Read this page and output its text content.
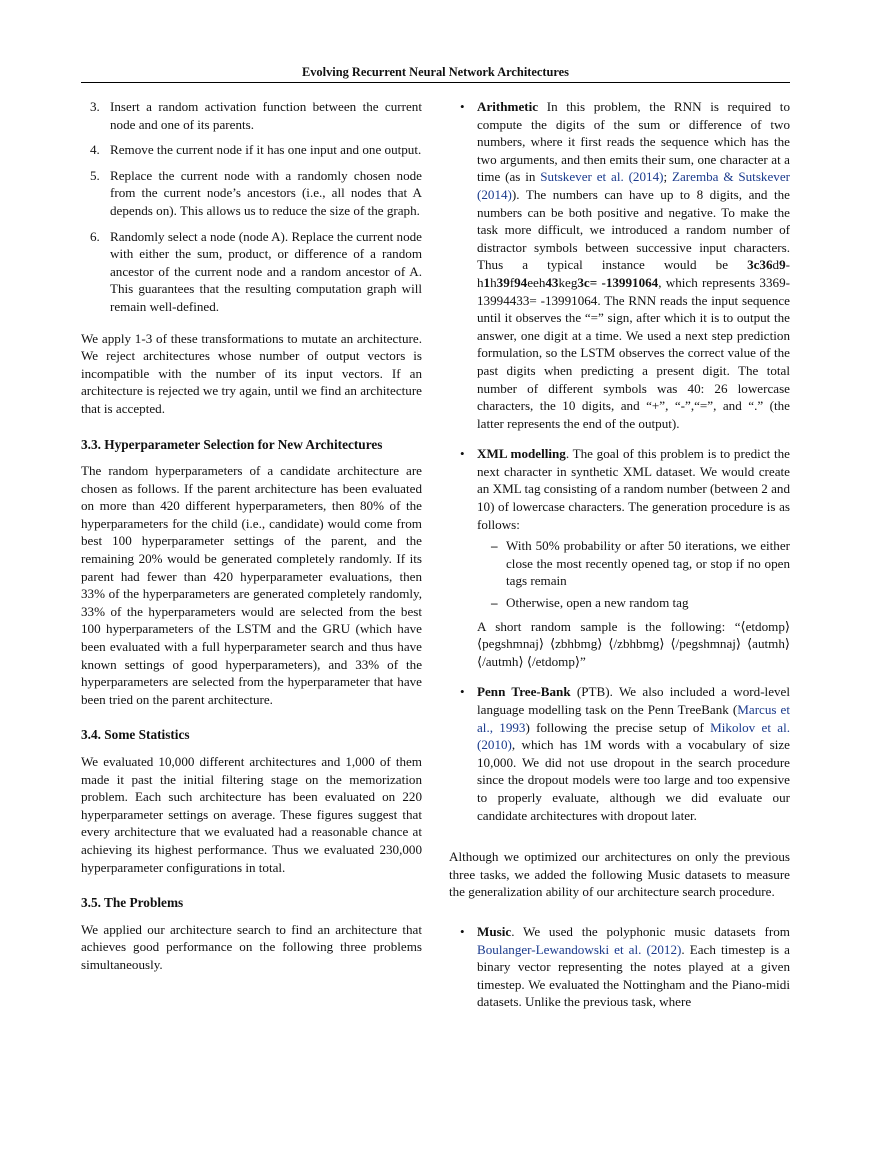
Evolving Recurrent Neural Network Architectures
3. Insert a random activation function between the current node and one of its parents.
4. Remove the current node if it has one input and one output.
5. Replace the current node with a randomly chosen node from the current node’s ancestors (i.e., all nodes that A depends on). This allows us to reduce the size of the graph.
6. Randomly select a node (node A). Replace the current node with either the sum, product, or difference of a random ancestor of the current node and a random ancestor of A. This guarantees that the resulting computation graph will remain well-defined.

We apply 1-3 of these transformations to mutate an architecture. We reject architectures whose number of output vectors is incompatible with the number of its input vectors. If an architecture is rejected we try again, until we find an architecture that is accepted.

3.3. Hyperparameter Selection for New Architectures

The random hyperparameters of a candidate architecture are chosen as follows. If the parent architecture has been evaluated on more than 420 different hyperparameters, then 80% of the hyperparameters for the child (i.e., candidate) would come from best 100 hyperparameter settings of the parent, and the remaining 20% would be generated completely randomly. If its parent had fewer than 420 hyperparameter evaluations, then 33% of the hyperparameters are generated completely randomly, 33% of the hyperparameters would are selected from the best 100 hyperparameters of the LSTM and the GRU (which have been evaluated with a full hyperparameter search and thus have known settings of good hyperparameters), and 33% of the hyperparameters are selected from the hyperparameter that have been tried on the parent architecture.

3.4. Some Statistics

We evaluated 10,000 different architectures and 1,000 of them made it past the initial filtering stage on the memorization problem. Each such architecture has been evaluated on 220 hyperparameter settings on average. These figures suggest that every architecture that we evaluated had a reasonable chance at achieving its highest performance. Thus we evaluated 230,000 hyperparameter configurations in total.

3.5. The Problems

We applied our architecture search to find an architecture that achieves good performance on the following three problems simultaneously.

• Arithmetic In this problem, the RNN is required to compute the digits of the sum or difference of two numbers, where it first reads the sequence which has the two arguments, and then emits their sum, one character at a time (as in Sutskever et al. (2014); Zaremba & Sutskever (2014)). The numbers can have up to 8 digits, and the numbers can be both positive and negative. To make the task more difficult, we introduced a random number of distractor symbols between successive input characters. Thus a typical instance would be 3c36d9-h1h39f94eeh43keg3c= -13991064, which represents 3369-13994433= -13991064. The RNN reads the input sequence until it observes the “=” sign, after which it is to output the answer, one digit at a time. We used a next step prediction formulation, so the LSTM observes the correct value of the past digits when predicting a present digit. The total number of different symbols was 40: 26 lowercase characters, the 10 digits, and “+”, “-”,“=”, and “.” (the latter represents the end of the output).
• XML modelling. The goal of this problem is to predict the next character in synthetic XML dataset. We would create an XML tag consisting of a random number (between 2 and 10) of lowercase characters. The generation procedure is as follows:
– With 50% probability or after 50 iterations, we either close the most recently opened tag, or stop if no open tags remain
– Otherwise, open a new random tag

A short random sample is the following: “⟨etdomp⟩ ⟨pegshmnaj⟩ ⟨zbhbmg⟩ ⟨/zbhbmg⟩ ⟨/pegshmnaj⟩ ⟨autmh⟩ ⟨/autmh⟩ ⟨/etdomp⟩”

• Penn Tree-Bank (PTB). We also included a word-level language modelling task on the Penn TreeBank (Marcus et al., 1993) following the precise setup of Mikolov et al. (2010), which has 1M words with a vocabulary of size 10,000. We did not use dropout in the search procedure since the dropout models were too large and too expensive to properly evaluate, although we did evaluate our candidate architectures with dropout later.

Although we optimized our architectures on only the previous three tasks, we added the following Music datasets to measure the generalization ability of our architecture search procedure.

• Music. We used the polyphonic music datasets from Boulanger-Lewandowski et al. (2012). Each timestep is a binary vector representing the notes played at a given timestep. We evaluated the Nottingham and the Piano-midi datasets. Unlike the previous task, where
